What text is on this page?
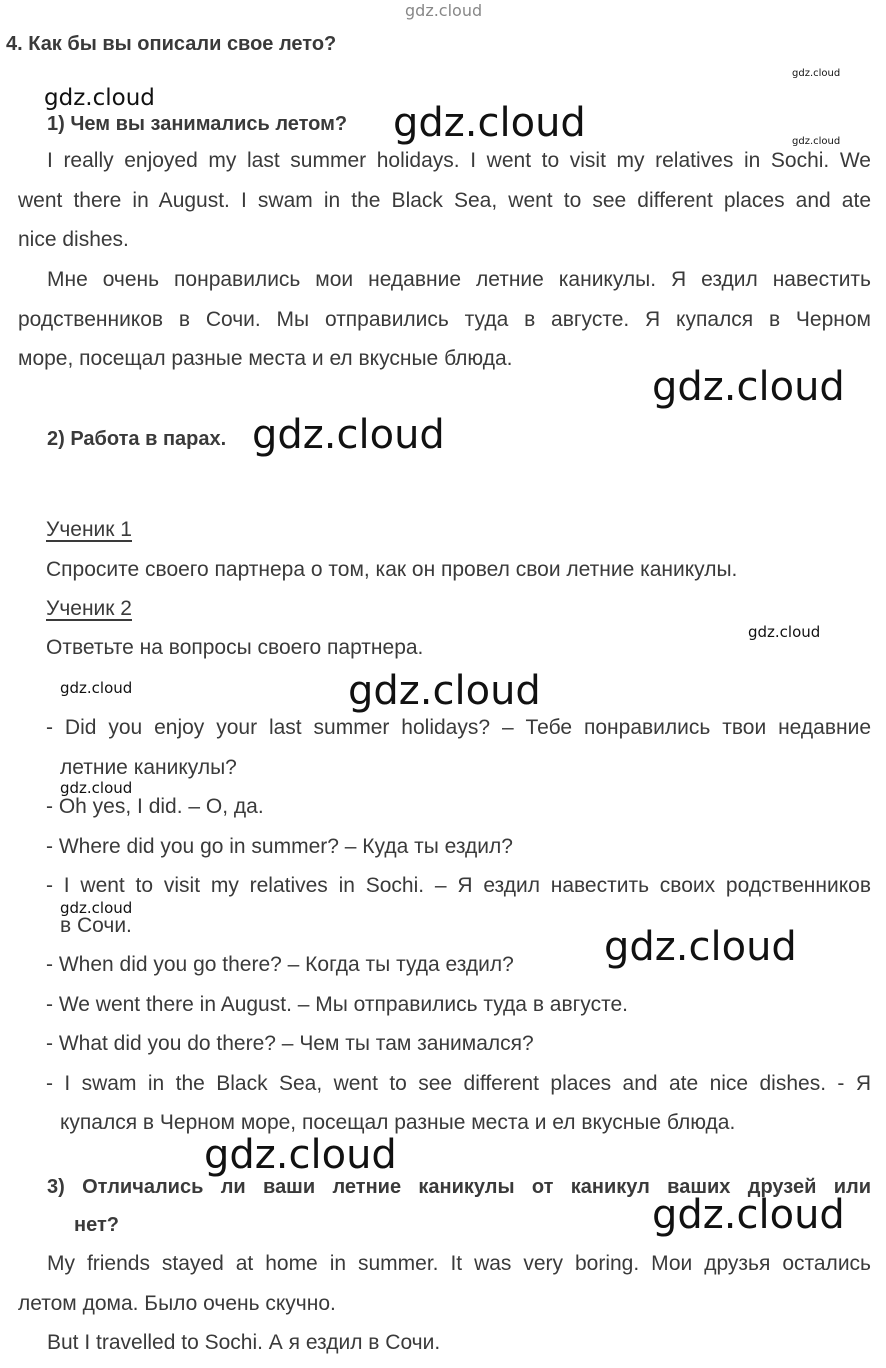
gdz.cloud
4. Как бы вы описали свое лето?
1) Чем вы занимались летом?
I really enjoyed my last summer holidays. I went to visit my relatives in Sochi. We
went there in August. I swam in the Black Sea, went to see different places and ate
nice dishes.
Мне очень понравились мои недавние летние каникулы. Я ездил навестить
родственников в Сочи. Мы отправились туда в августе. Я купался в Черном
море, посещал разные места и ел вкусные блюда.
2) Работа в парах.
Ученик 1
Спросите своего партнера о том, как он провел свои летние каникулы.
Ученик 2
Ответьте на вопросы своего партнера.
- Did you enjoy your last summer holidays? – Тебе понравились твои недавние
летние каникулы?
- Oh yes, I did. – О, да.
- Where did you go in summer? – Куда ты ездил?
- I went to visit my relatives in Sochi. – Я ездил навестить своих родственников
в Сочи.
- When did you go there? – Когда ты туда ездил?
- We went there in August. – Мы отправились туда в августе.
- What did you do there? – Чем ты там занимался?
- I swam in the Black Sea, went to see different places and ate nice dishes. - Я
купался в Черном море, посещал разные места и ел вкусные блюда.
3) Отличались ли ваши летние каникулы от каникул ваших друзей или
нет?
My friends stayed at home in summer. It was very boring. Мои друзья остались
летом дома. Было очень скучно.
But I travelled to Sochi. А я ездил в Сочи.
gdz.cloud
gdz.cloud
gdz.cloud	gdz.cloud
gdz.cloud
gdz.cloud
gdz.cloud
gdz.cloud	gdz.cloud
gdz.cloud
gdz.cloud
gdz.cloud
gdz.cloud
gdz.cloud
